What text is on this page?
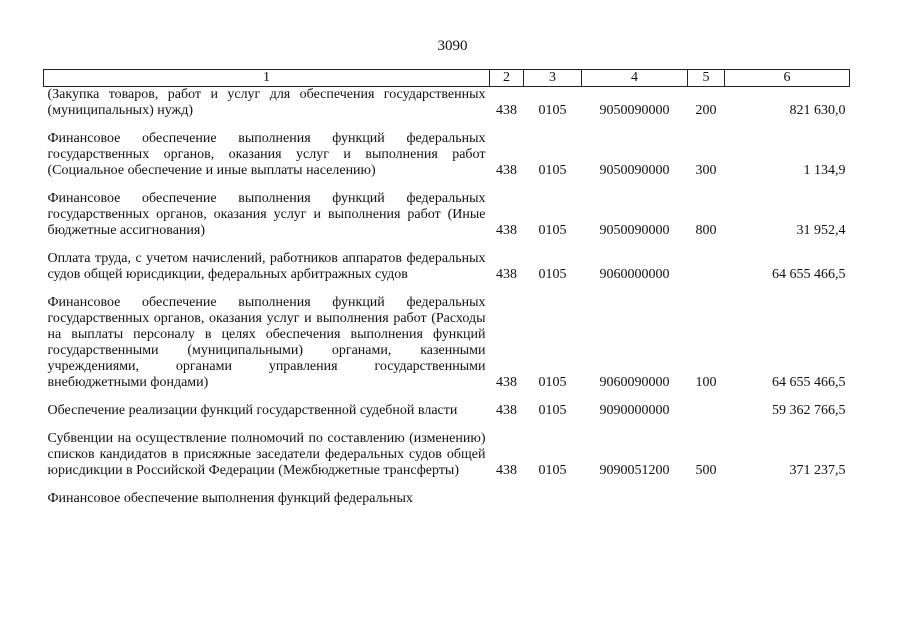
3090
1	2	3	4	5	6
(Закупка товаров, работ и услуг для обеспечения государственных (муниципальных) нужд)	438	0105	9050090000	200	821 630,0

Финансовое обеспечение выполнения функций федеральных государственных органов, оказания услуг и выполнения работ (Социальное обеспечение и иные выплаты населению)	438	0105	9050090000	300	1 134,9

Финансовое обеспечение выполнения функций федеральных государственных органов, оказания услуг и выполнения работ (Иные бюджетные ассигнования)	438	0105	9050090000	800	31 952,4

Оплата труда, с учетом начислений, работников аппаратов федеральных судов общей юрисдикции, федеральных арбитражных судов	438	0105	9060000000		64 655 466,5

Финансовое обеспечение выполнения функций федеральных государственных органов, оказания услуг и выполнения работ (Расходы на выплаты персоналу в целях обеспечения выполнения функций государственными (муниципальными) органами, казенными учреждениями, органами управления государственными внебюджетными фондами)	438	0105	9060090000	100	64 655 466,5

Обеспечение реализации функций государственной судебной власти	438	0105	9090000000		59 362 766,5

Субвенции на осуществление полномочий по составлению (изменению) списков кандидатов в присяжные заседатели федеральных судов общей юрисдикции в Российской Федерации (Межбюджетные трансферты)	438	0105	9090051200	500	371 237,5

Финансовое обеспечение выполнения функций федеральных					
